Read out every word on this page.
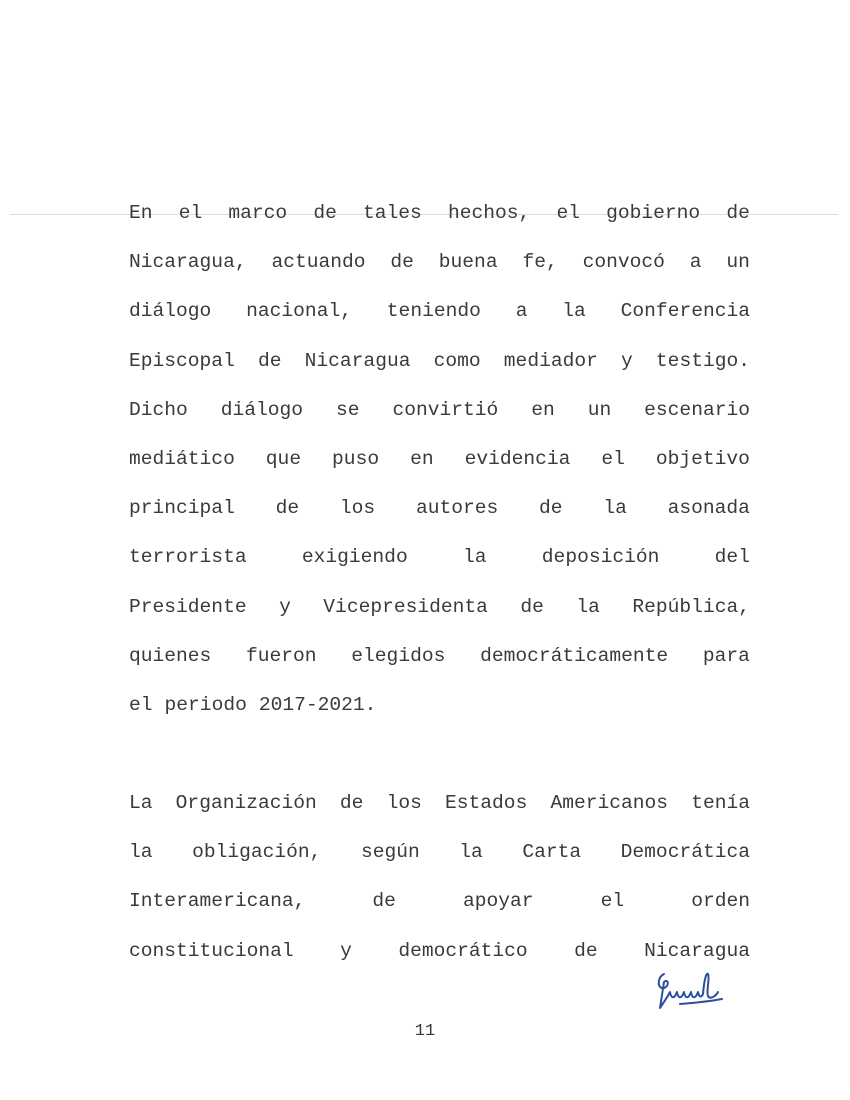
En el marco de tales hechos, el gobierno de
Nicaragua, actuando de buena fe, convocó a un
diálogo nacional, teniendo a la Conferencia
Episcopal de Nicaragua como mediador y testigo.
Dicho diálogo se convirtió en un escenario
mediático que puso en evidencia el objetivo
principal de los autores de la asonada
terrorista	exigiendo	la	deposición	del
Presidente y Vicepresidenta de la República,
quienes fueron elegidos democráticamente para
el periodo 2017-2021.
La Organización de los Estados Americanos tenía
la obligación, según la Carta Democrática
Interamericana,	de	apoyar	el	orden
constitucional y democrático de Nicaragua
11
